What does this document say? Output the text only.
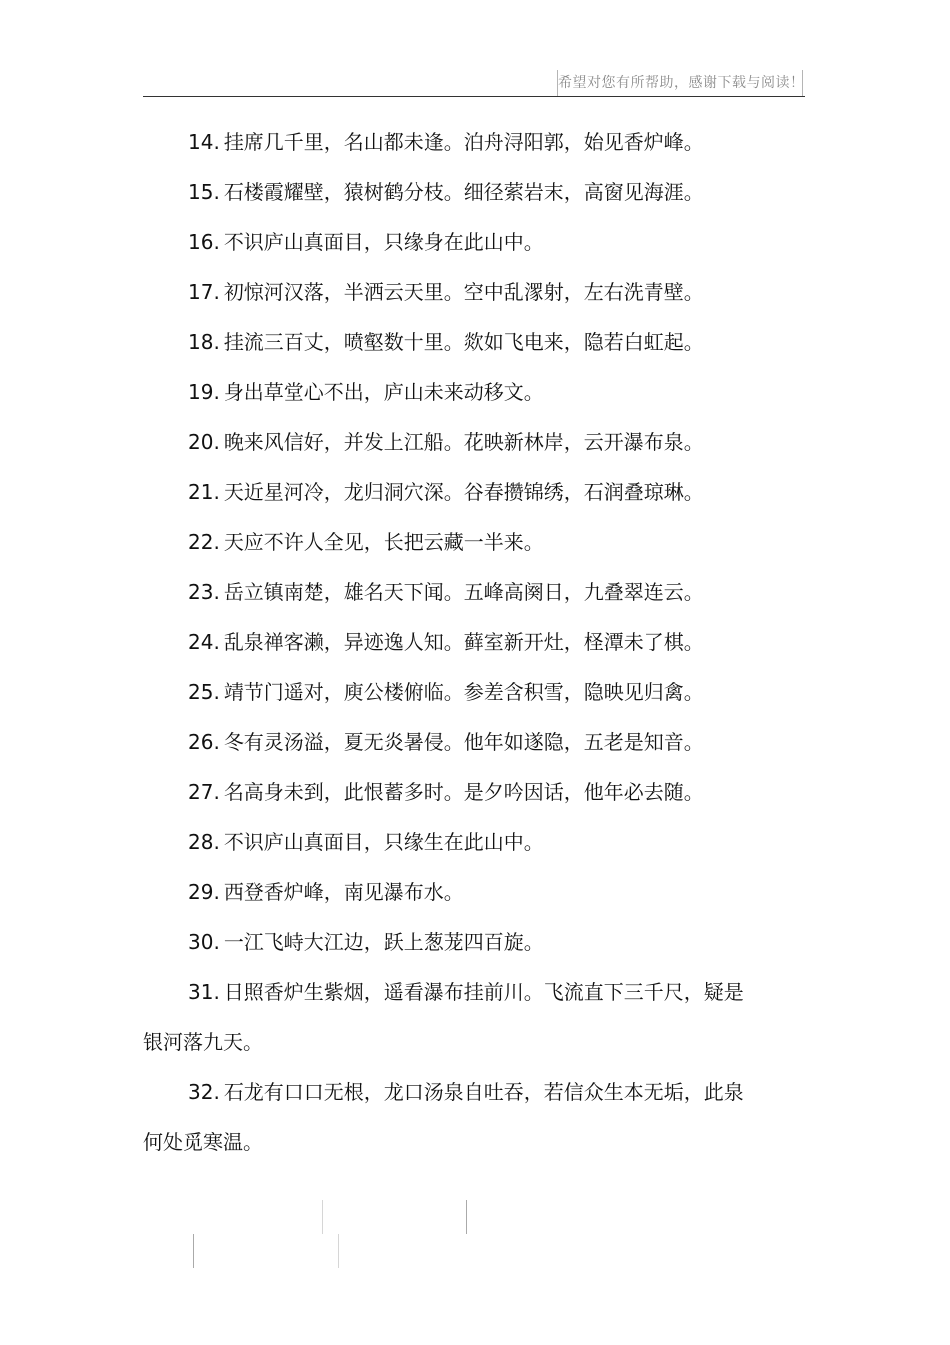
希望对您有所帮助，感谢下载与阅读！

14. 挂席几千里，名山都未逢。泊舟浔阳郭，始见香炉峰。

15. 石楼霞耀壁，猿树鹤分枝。细径萦岩末，高窗见海涯。

16. 不识庐山真面目，只缘身在此山中。

17. 初惊河汉落，半洒云天里。空中乱潈射，左右洗青壁。

18. 挂流三百丈，喷壑数十里。欻如飞电来，隐若白虹起。

19. 身出草堂心不出，庐山未来动移文。

20. 晚来风信好，并发上江船。花映新林岸，云开瀑布泉。

21. 天近星河冷，龙归洞穴深。谷春攒锦绣，石润叠琼琳。

22. 天应不许人全见，长把云藏一半来。

23. 岳立镇南楚，雄名天下闻。五峰高阕日，九叠翠连云。

24. 乱泉禅客濑，异迹逸人知。藓室新开灶，柽潭未了棋。

25. 靖节门遥对，庾公楼俯临。参差含积雪，隐映见归禽。

26. 冬有灵汤溢，夏无炎暑侵。他年如遂隐，五老是知音。

27. 名高身未到，此恨蓄多时。是夕吟因话，他年必去随。

28. 不识庐山真面目，只缘生在此山中。

29. 西登香炉峰，南见瀑布水。

30. 一江飞峙大江边，跃上葱茏四百旋。

31. 日照香炉生紫烟，遥看瀑布挂前川。飞流直下三千尺，疑是

银河落九天。

32. 石龙有口口无根，龙口汤泉自吐吞，若信众生本无垢，此泉

何处觅寒温。
